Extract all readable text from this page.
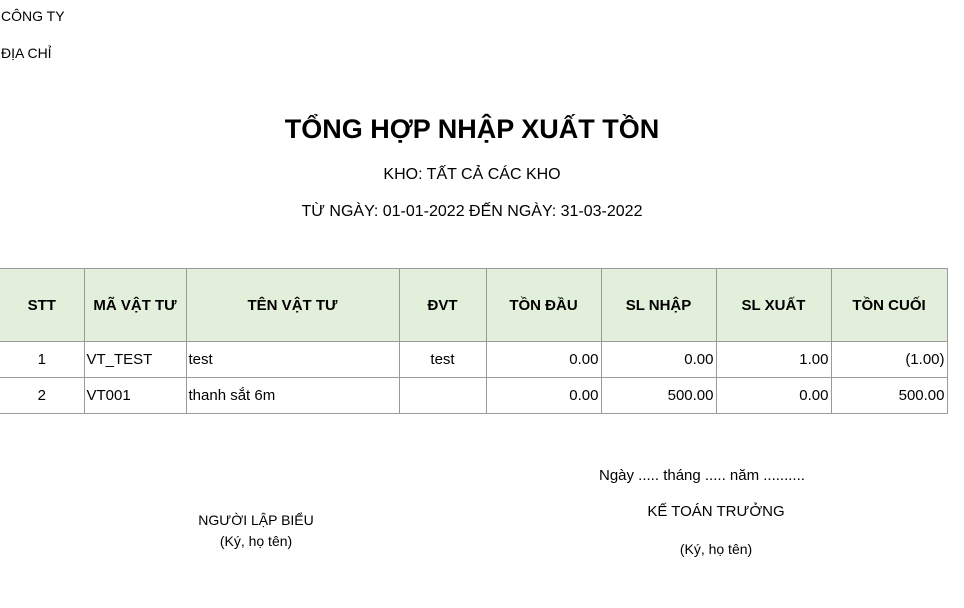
CÔNG TY
ĐỊA CHỈ
TỔNG HỢP NHẬP XUẤT TỒN
KHO: TẤT CẢ CÁC KHO
TỪ NGÀY: 01-01-2022 ĐẾN NGÀY: 31-03-2022
STT	MÃ VẬT TƯ	TÊN VẬT TƯ	ĐVT	TỒN ĐẦU	SL NHẬP	SL XUẤT	TỒN CUỐI
1	VT_TEST	test	test	0.00	0.00	1.00	(1.00)
2	VT001	thanh sắt 6m		0.00	500.00	0.00	500.00
Ngày ..... tháng ..... năm ..........
KẾ TOÁN TRƯỞNG
(Ký, họ tên)
NGƯỜI LẬP BIỂU
(Ký, họ tên)
